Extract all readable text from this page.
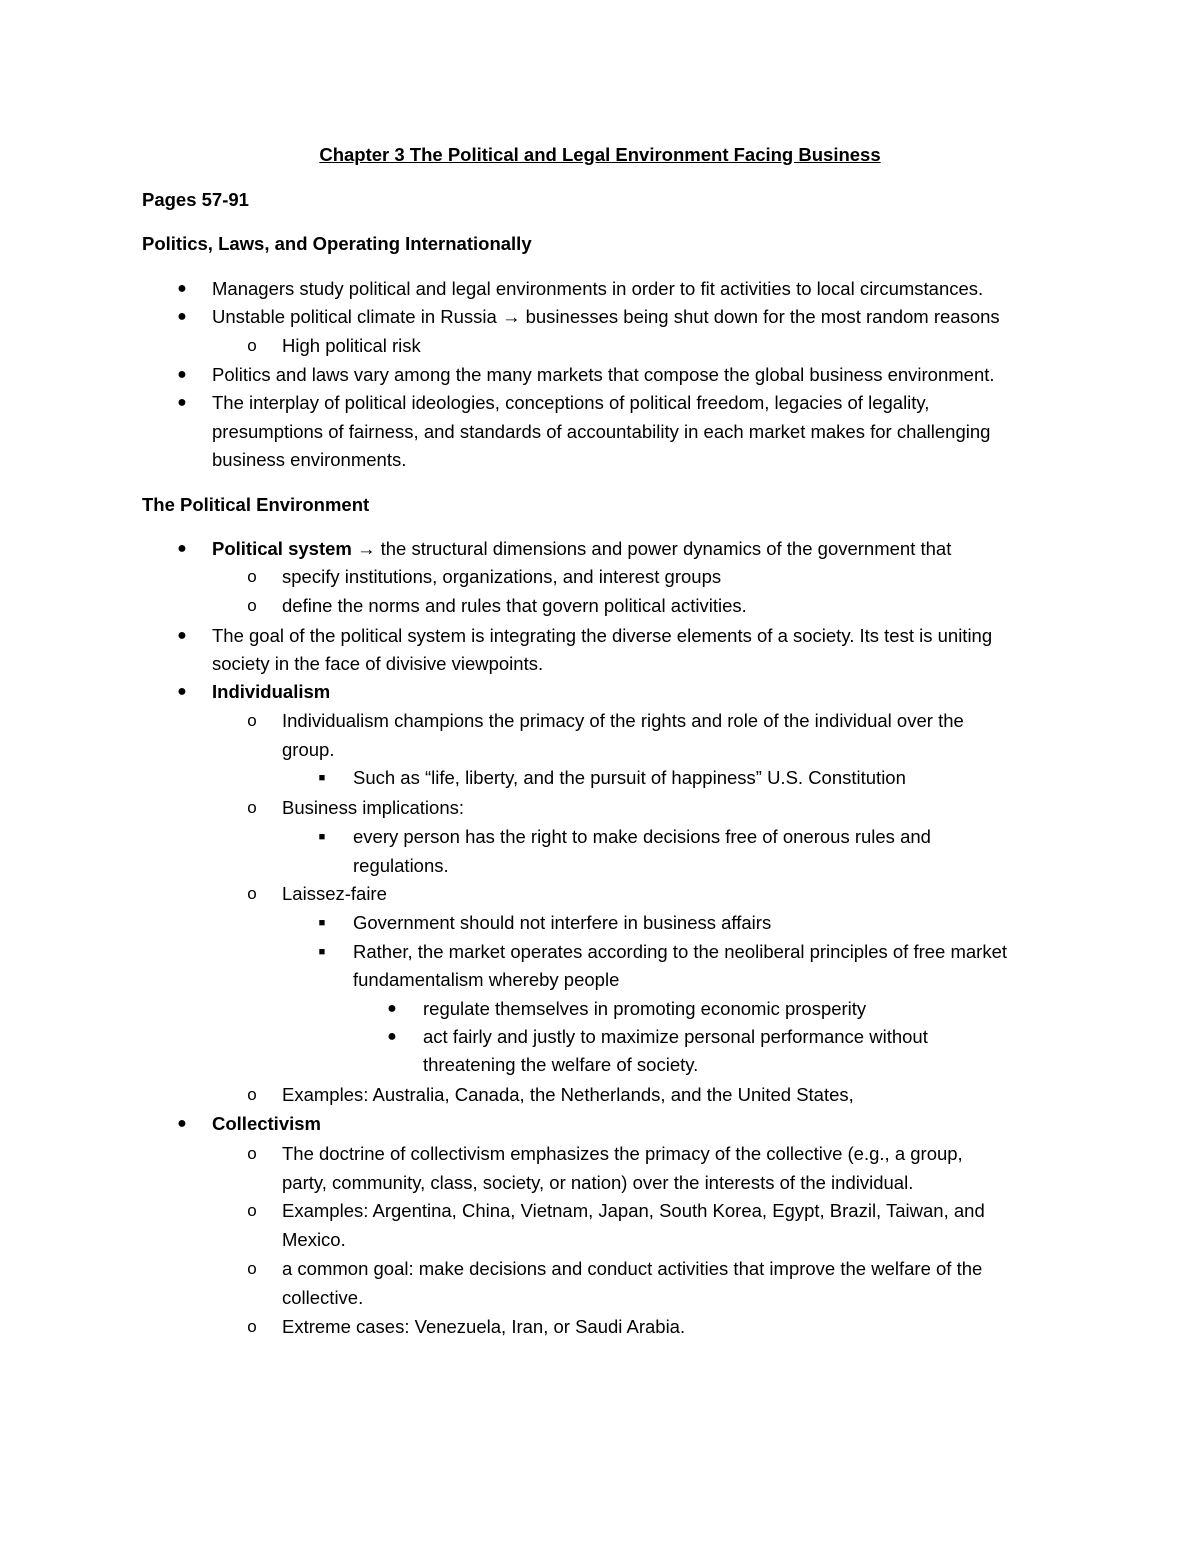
Chapter 3 The Political and Legal Environment Facing Business
Pages 57-91
Politics, Laws, and Operating Internationally
● Managers study political and legal environments in order to fit activities to local circumstances.
● Unstable political climate in Russia → businesses being shut down for the most random reasons
o High political risk
● Politics and laws vary among the many markets that compose the global business environment.
● The interplay of political ideologies, conceptions of political freedom, legacies of legality,
presumptions of fairness, and standards of accountability in each market makes for challenging
business environments.
The Political Environment
● Political system → the structural dimensions and power dynamics of the government that
o specify institutions, organizations, and interest groups
o define the norms and rules that govern political activities.
● The goal of the political system is integrating the diverse elements of a society. Its test is uniting
society in the face of divisive viewpoints.
● Individualism
o Individualism champions the primacy of the rights and role of the individual over the
group.
■	Such as “life, liberty, and the pursuit of happiness” U.S. Constitution
o Business implications:
■	every person has the right to make decisions free of onerous rules and
regulations.
o Laissez-faire
■	Government should not interfere in business affairs
■	Rather, the market operates according to the neoliberal principles of free market
fundamentalism whereby people
● regulate themselves in promoting economic prosperity
● act fairly and justly to maximize personal performance without
threatening the welfare of society.
o Examples: Australia, Canada, the Netherlands, and the United States,
● Collectivism
o The doctrine of collectivism emphasizes the primacy of the collective (e.g., a group,
party, community, class, society, or nation) over the interests of the individual.
o Examples: Argentina, China, Vietnam, Japan, South Korea, Egypt, Brazil, Taiwan, and
Mexico.
o a common goal: make decisions and conduct activities that improve the welfare of the
collective.
o Extreme cases: Venezuela, Iran, or Saudi Arabia.
